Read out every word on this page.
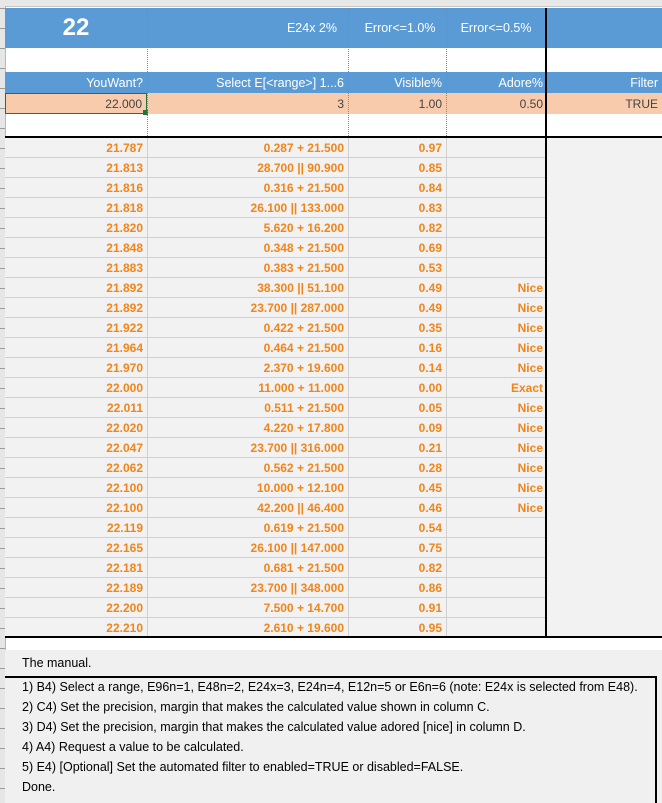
22	E24x 2%	Error<=1.0%	Error<=0.5%
YouWant?	Select E[<range>] 1...6	Visible%	Adore%	Filter
22.000	3	1.00	0.50	TRUE
21.787	0.287 + 21.500	0.97
21.813	28.700 || 90.900	0.85
21.816	0.316 + 21.500	0.84
21.818	26.100 || 133.000	0.83
21.820	5.620 + 16.200	0.82
21.848	0.348 + 21.500	0.69
21.883	0.383 + 21.500	0.53
21.892	38.300 || 51.100	0.49	Nice
21.892	23.700 || 287.000	0.49	Nice
21.922	0.422 + 21.500	0.35	Nice
21.964	0.464 + 21.500	0.16	Nice
21.970	2.370 + 19.600	0.14	Nice
22.000	11.000 + 11.000	0.00	Exact
22.011	0.511 + 21.500	0.05	Nice
22.020	4.220 + 17.800	0.09	Nice
22.047	23.700 || 316.000	0.21	Nice
22.062	0.562 + 21.500	0.28	Nice
22.100	10.000 + 12.100	0.45	Nice
22.100	42.200 || 46.400	0.46	Nice
22.119	0.619 + 21.500	0.54
22.165	26.100 || 147.000	0.75
22.181	0.681 + 21.500	0.82
22.189	23.700 || 348.000	0.86
22.200	7.500 + 14.700	0.91
22.210	2.610 + 19.600	0.95
The manual.
1) B4) Select a range, E96n=1, E48n=2, E24x=3, E24n=4, E12n=5 or E6n=6 (note: E24x is selected from E48).
2) C4) Set the precision, margin that makes the calculated value shown in column C.
3) D4) Set the precision, margin that makes the calculated value adored [nice] in column D.
4) A4) Request a value to be calculated.
5) E4) [Optional] Set the automated filter to enabled=TRUE or disabled=FALSE.
Done.
